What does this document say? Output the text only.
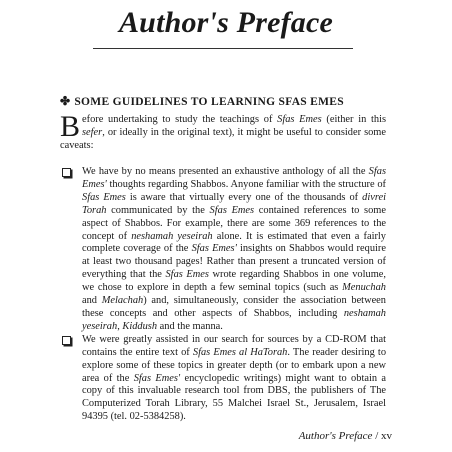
Author's Preface
✤ SOME GUIDELINES TO LEARNING SFAS EMES
Before undertaking to study the teachings of Sfas Emes (either in this sefer, or ideally in the original text), it might be useful to consider some caveats:
We have by no means presented an exhaustive anthology of all the Sfas Emes' thoughts regarding Shabbos. Anyone familiar with the structure of Sfas Emes is aware that virtually every one of the thousands of divrei Torah communicated by the Sfas Emes contained references to some aspect of Shabbos. For example, there are some 369 references to the concept of neshamah yeseirah alone. It is estimated that even a fairly complete coverage of the Sfas Emes' insights on Shabbos would require at least two thousand pages! Rather than present a truncated version of everything that the Sfas Emes wrote regarding Shabbos in one volume, we chose to explore in depth a few seminal topics (such as Menuchah and Melachah) and, simultaneously, consider the association between these concepts and other aspects of Shabbos, including neshamah yeseirah, Kiddush and the manna.
We were greatly assisted in our search for sources by a CD-ROM that contains the entire text of Sfas Emes al HaTorah. The reader desiring to explore some of these topics in greater depth (or to embark upon a new area of the Sfas Emes' encyclopedic writings) might want to obtain a copy of this invaluable research tool from DBS, the publishers of The Computerized Torah Library, 55 Malchei Israel St., Jerusalem, Israel 94395 (tel. 02-5384258).
Author's Preface / xv
